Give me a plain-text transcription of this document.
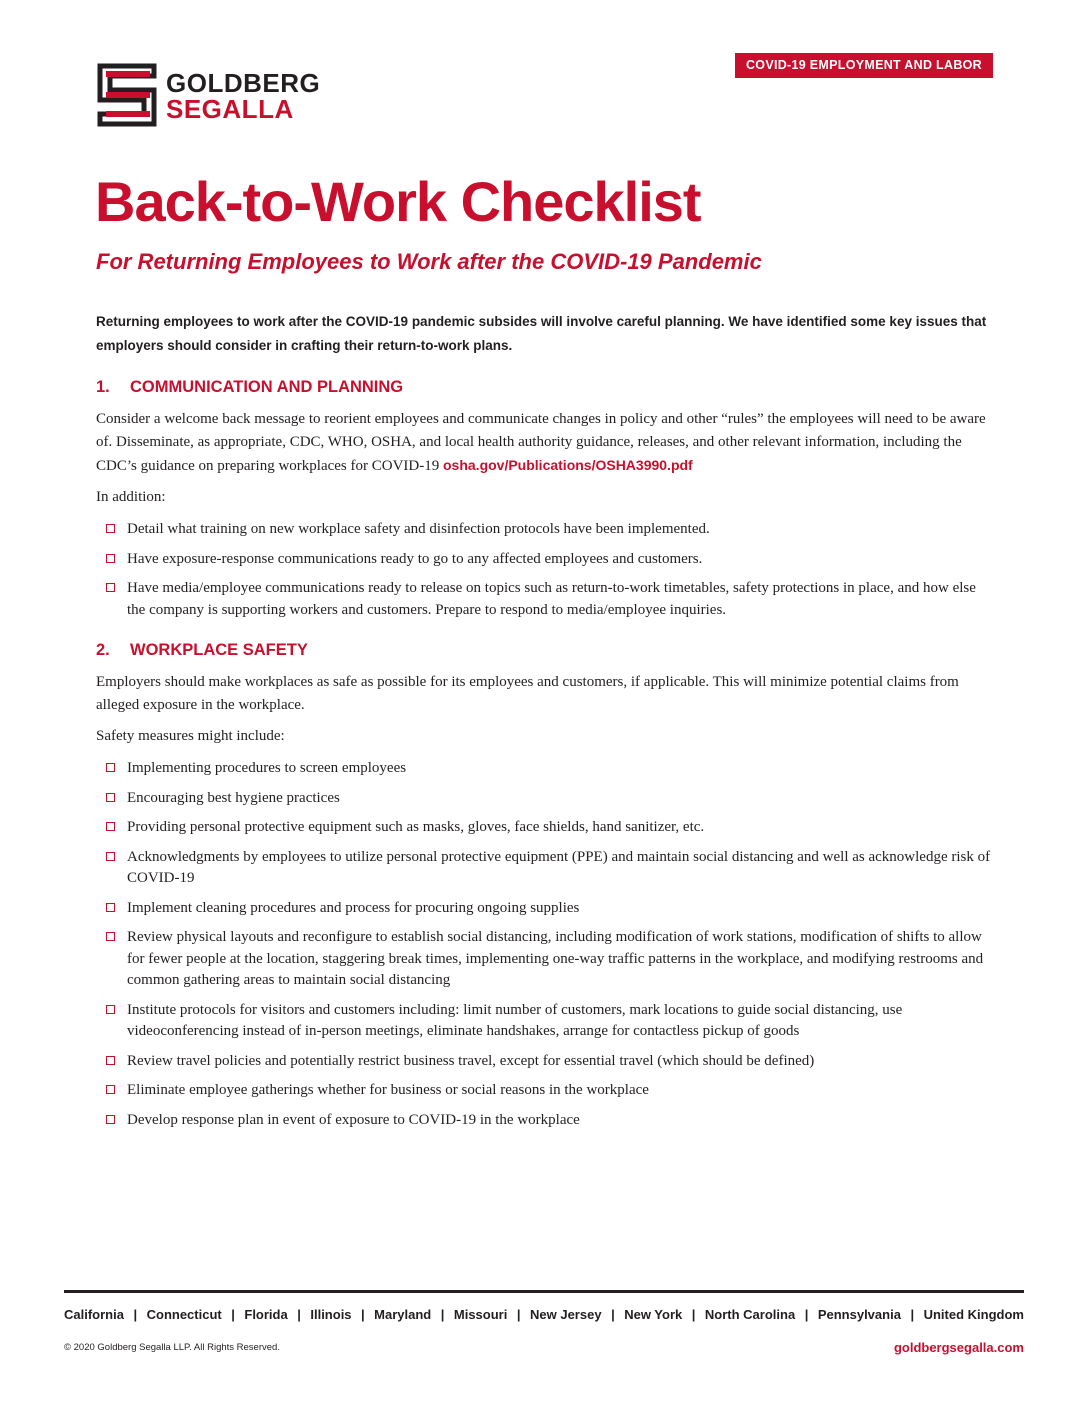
GOLDBERG
SEGALLA
COVID-19 EMPLOYMENT AND LABOR
Back-to-Work Checklist
For Returning Employees to Work after the COVID-19 Pandemic

Returning employees to work after the COVID-19 pandemic subsides will involve careful planning. We have identified some key issues that employers should consider in crafting their return-to-work plans.

1. COMMUNICATION AND PLANNING

Consider a welcome back message to reorient employees and communicate changes in policy and other “rules” the employees will need to be aware of. Disseminate, as appropriate, CDC, WHO, OSHA, and local health authority guidance, releases, and other relevant information, including the CDC’s guidance on preparing workplaces for COVID-19 osha.gov/Publications/OSHA3990.pdf

In addition:

Detail what training on new workplace safety and disinfection protocols have been implemented.
Have exposure-response communications ready to go to any affected employees and customers.
Have media/employee communications ready to release on topics such as return-to-work timetables, safety protections in place, and how else the company is supporting workers and customers. Prepare to respond to media/employee inquiries.
2. WORKPLACE SAFETY

Employers should make workplaces as safe as possible for its employees and customers, if applicable. This will minimize potential claims from alleged exposure in the workplace.

Safety measures might include:

Implementing procedures to screen employees
Encouraging best hygiene practices
Providing personal protective equipment such as masks, gloves, face shields, hand sanitizer, etc.
Acknowledgments by employees to utilize personal protective equipment (PPE) and maintain social distancing and well as acknowledge risk of COVID-19
Implement cleaning procedures and process for procuring ongoing supplies
Review physical layouts and reconfigure to establish social distancing, including modification of work stations, modification of shifts to allow for fewer people at the location, staggering break times, implementing one-way traffic patterns in the workplace, and modifying restrooms and common gathering areas to maintain social distancing
Institute protocols for visitors and customers including: limit number of customers, mark locations to guide social distancing, use videoconferencing instead of in-person meetings, eliminate handshakes, arrange for contactless pickup of goods
Review travel policies and potentially restrict business travel, except for essential travel (which should be defined)
Eliminate employee gatherings whether for business or social reasons in the workplace
Develop response plan in event of exposure to COVID-19 in the workplace
California | Connecticut | Florida | Illinois | Maryland | Missouri | New Jersey | New York | North Carolina | Pennsylvania | United Kingdom
© 2020 Goldberg Segalla LLP. All Rights Reserved.	goldbergsegalla.com
